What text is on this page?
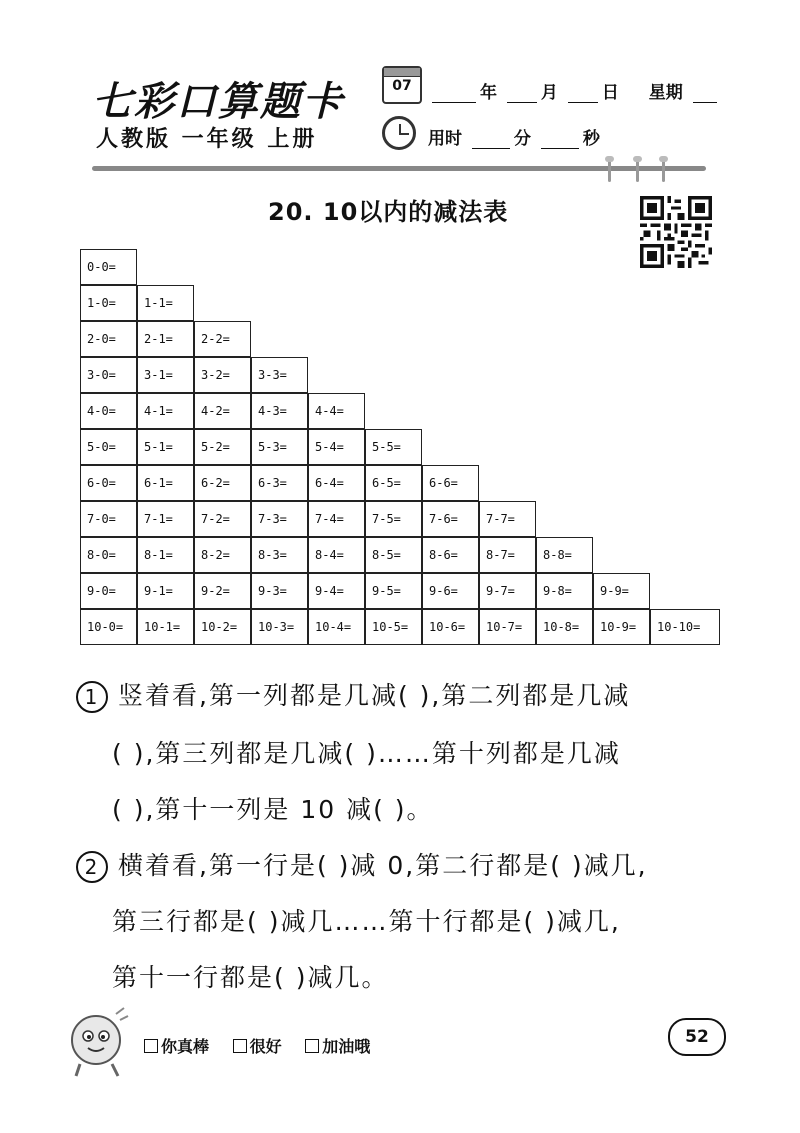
七彩口算题卡
人教版 一年级 上册
07	年	月	日 星期
用时	分	秒
20. 10以内的减法表
0-0=
1-0=	1-1=
2-0=	2-1=	2-2=
3-0=	3-1=	3-2=	3-3=
4-0=	4-1=	4-2=	4-3=	4-4=
5-0=	5-1=	5-2=	5-3=	5-4=	5-5=
6-0=	6-1=	6-2=	6-3=	6-4=	6-5=	6-6=
7-0=	7-1=	7-2=	7-3=	7-4=	7-5=	7-6=	7-7=
8-0=	8-1=	8-2=	8-3=	8-4=	8-5=	8-6=	8-7=	8-8=
9-0=	9-1=	9-2=	9-3=	9-4=	9-5=	9-6=	9-7=	9-8=	9-9=
10-0=	10-1=	10-2=	10-3=	10-4=	10-5=	10-6=	10-7=	10-8=	10-9=	10-10=
1 竖着看,第一列都是几减( ),第二列都是几减
( ),第三列都是几减( )……第十列都是几减
( ),第十一列是 10 减( )。
2 横着看,第一行是( )减 0,第二行都是( )减几,
第三行都是( )减几……第十行都是( )减几,
第十一行都是( )减几。
你真棒	很好	加油哦	52
